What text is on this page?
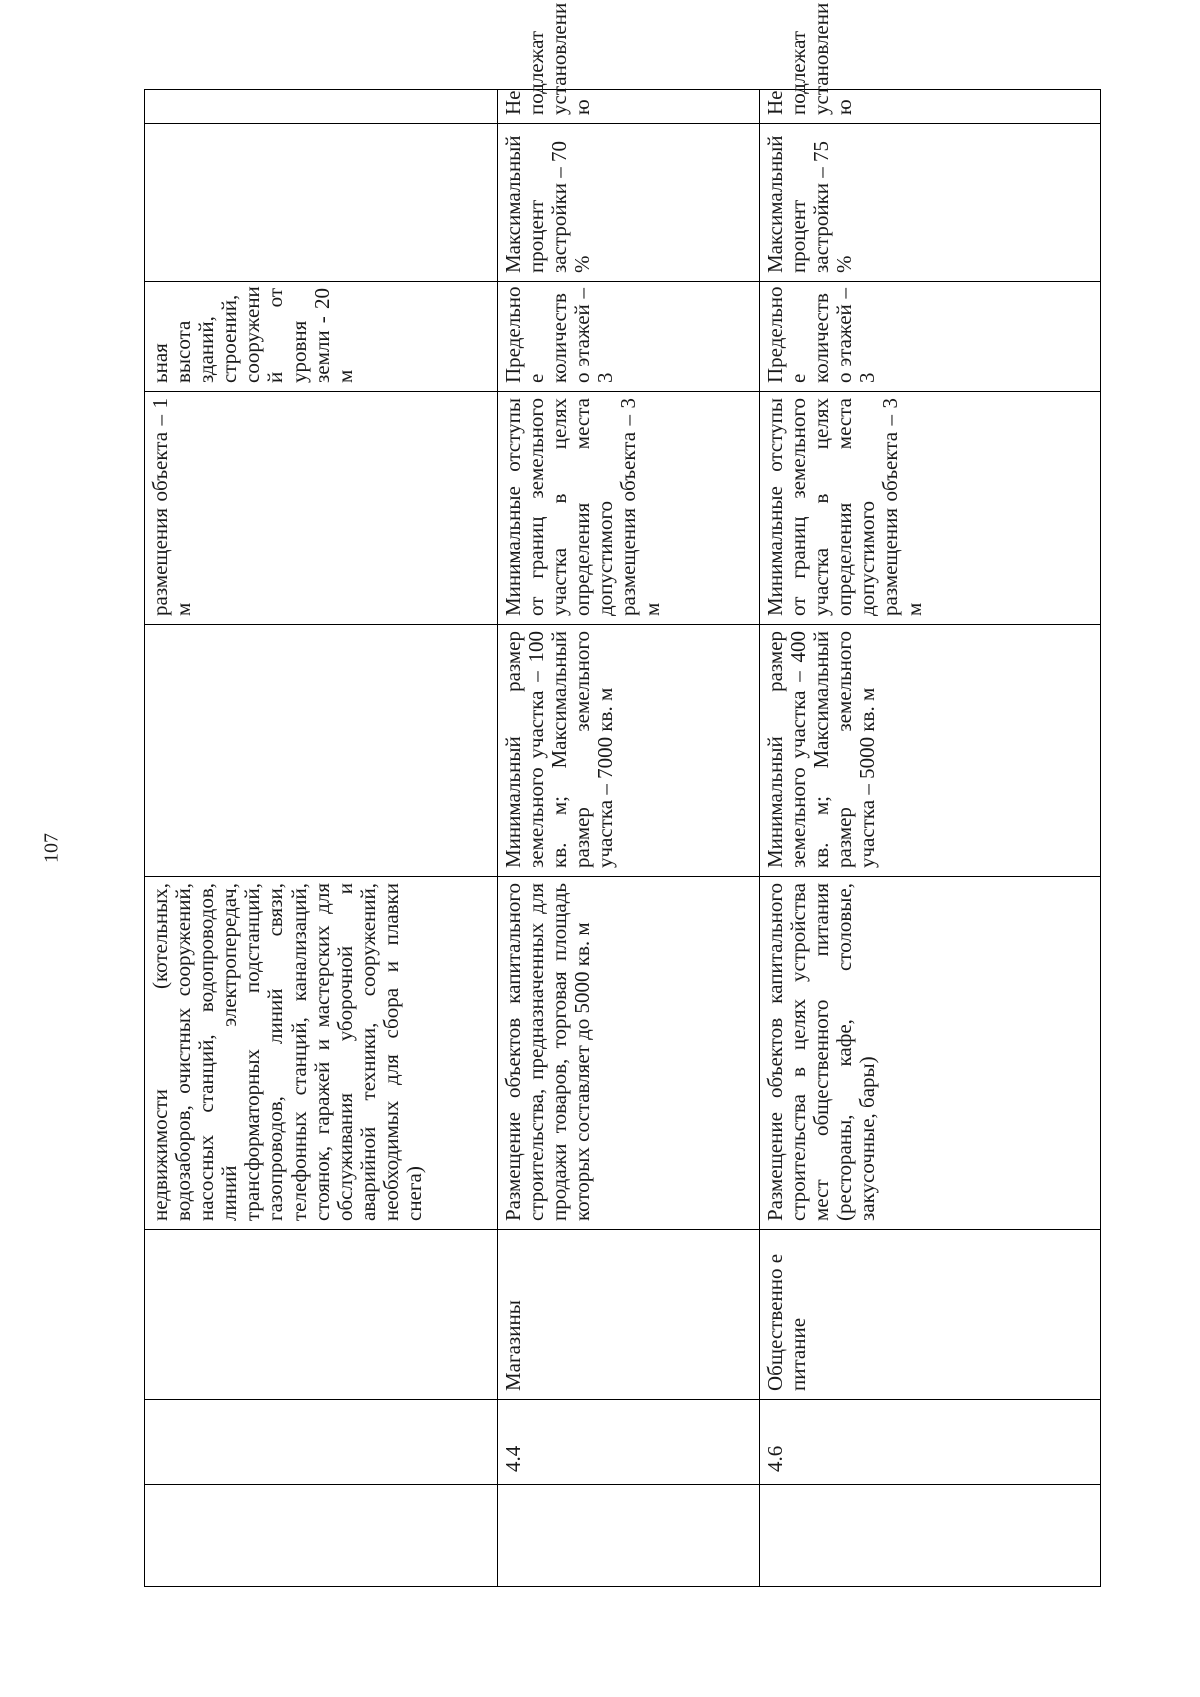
107
			недвижимости (котельных, водозаборов, очистных сооружений, насосных станций, водопроводов, линий электропередач, трансформаторных подстанций, газопроводов, линий связи, телефонных станций, канализаций, стоянок, гаражей и мастерских для обслуживания уборочной и аварийной техники, сооружений, необходимых для сбора и плавки снега)		размещения объекта – 1 м	ьная высота зданий, строений, сооружени й от уровня земли - 20 м		
	4.4	Магазины	Размещение объектов капитального строительства, предназначенных для продажи товаров, торговая площадь которых составляет до 5000 кв. м	Минимальный размер земельного участка – 100 кв. м; Максимальный размер земельного участка – 7000 кв. м	Минимальные отступы от границ земельного участка в целях определения места допустимого размещения объекта – 3 м	Предельно е количеств о этажей – 3	Максимальный процент застройки – 70 %	Не подлежат установлени ю
	4.6	Общественно е питание	Размещение объектов капитального строительства в целях устройства мест общественного питания (рестораны, кафе, столовые, закусочные, бары)	Минимальный размер земельного участка – 400 кв. м; Максимальный размер земельного участка – 5000 кв. м	Минимальные отступы от границ земельного участка в целях определения места допустимого размещения объекта – 3 м	Предельно е количеств о этажей – 3	Максимальный процент застройки – 75 %	Не подлежат установлени ю
